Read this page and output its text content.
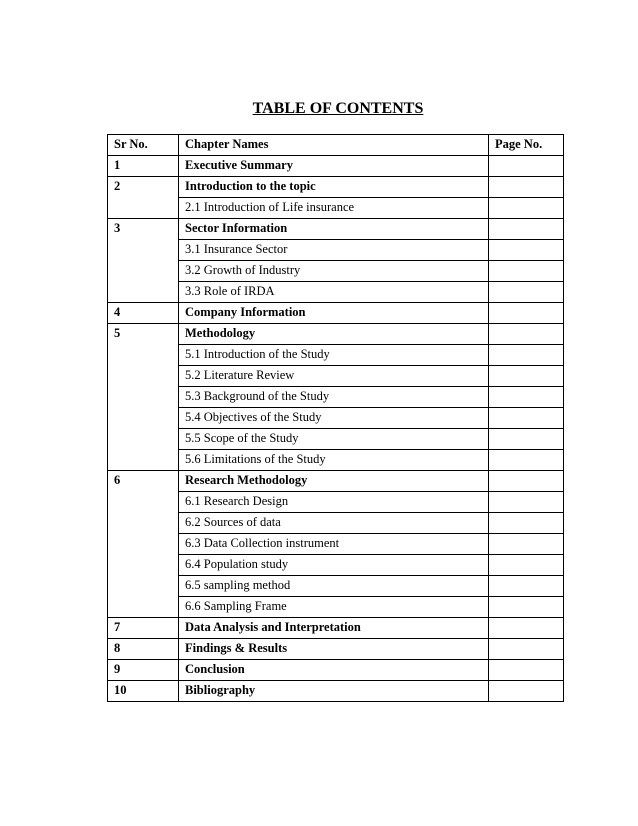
TABLE OF CONTENTS
Sr No.	Chapter Names	Page No.
1	Executive Summary	
2	Introduction to the topic	
	2.1 Introduction of Life insurance	
3	Sector Information	
	3.1 Insurance Sector	
	3.2 Growth of Industry	
	3.3 Role of IRDA	
4	Company Information	
5	Methodology	
	5.1 Introduction of the Study	
	5.2 Literature Review	
	5.3 Background of the Study	
	5.4 Objectives of the Study	
	5.5 Scope of the Study	
	5.6 Limitations of the Study	
6	Research Methodology	
	6.1 Research Design	
	6.2 Sources of data	
	6.3 Data Collection instrument	
	6.4 Population study	
	6.5 sampling method	
	6.6 Sampling Frame	
7	Data Analysis and Interpretation	
8	Findings & Results	
9	Conclusion	
10	Bibliography	
